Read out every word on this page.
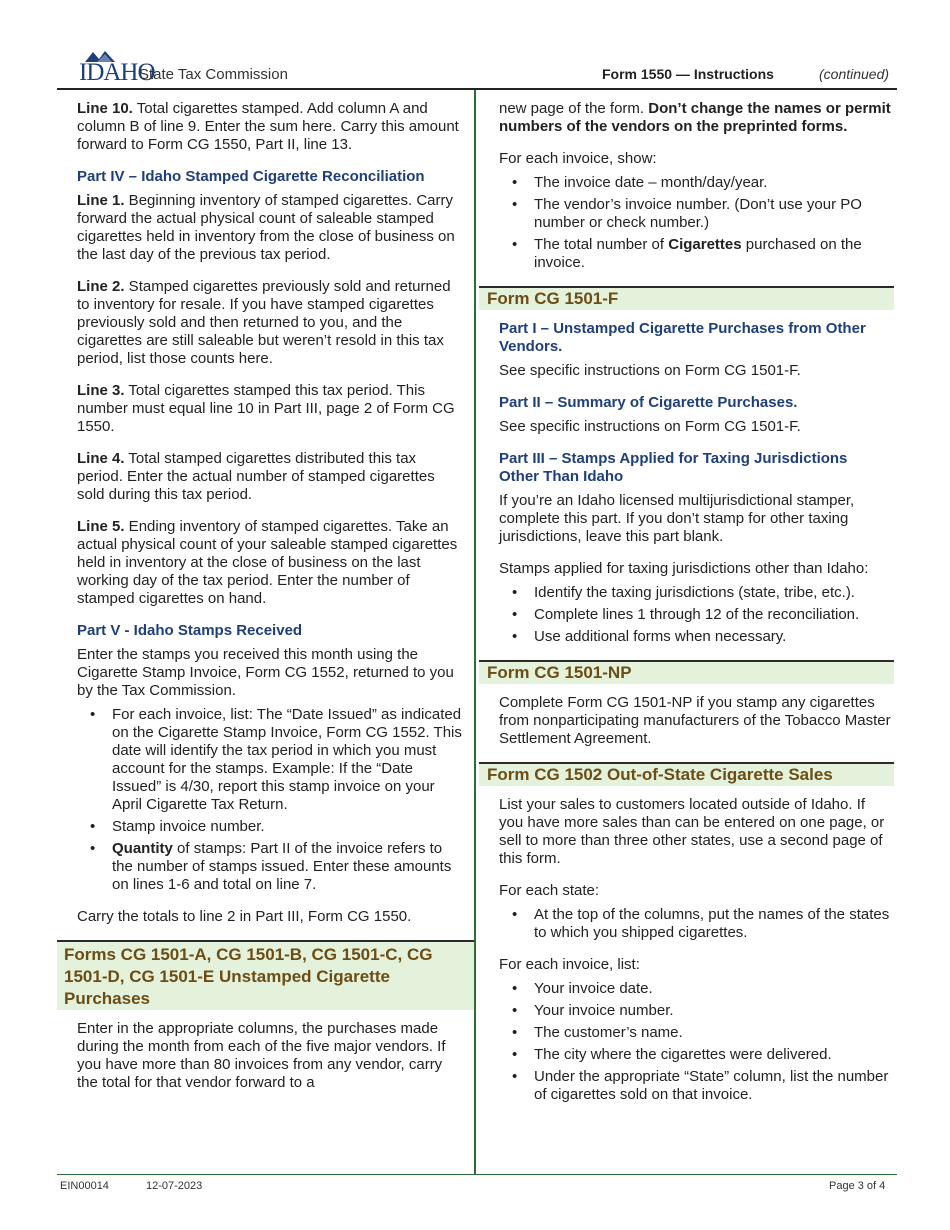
IDAHO
State Tax Commission	Form 1550 — Instructions	(continued)

Line 10. Total cigarettes stamped. Add column A and column B of line 9. Enter the sum here. Carry this amount forward to Form CG 1550, Part II, line 13.

Part IV – Idaho Stamped Cigarette Reconciliation

Line 1. Beginning inventory of stamped cigarettes. Carry forward the actual physical count of saleable stamped cigarettes held in inventory from the close of business on the last day of the previous tax period.

Line 2. Stamped cigarettes previously sold and returned to inventory for resale. If you have stamped cigarettes previously sold and then returned to you, and the cigarettes are still saleable but weren’t resold in this tax period, list those counts here.

Line 3. Total cigarettes stamped this tax period. This number must equal line 10 in Part III, page 2 of Form CG 1550.

Line 4. Total stamped cigarettes distributed this tax period. Enter the actual number of stamped cigarettes sold during this tax period.

Line 5. Ending inventory of stamped cigarettes. Take an actual physical count of your saleable stamped cigarettes held in inventory at the close of business on the last working day of the tax period. Enter the number of stamped cigarettes on hand.

Part V - Idaho Stamps Received

Enter the stamps you received this month using the Cigarette Stamp Invoice, Form CG 1552, returned to you by the Tax Commission.

• For each invoice, list: The “Date Issued” as indicated on the Cigarette Stamp Invoice, Form CG 1552. This date will identify the tax period in which you must account for the stamps. Example: If the “Date Issued” is 4/30, report this stamp invoice on your April Cigarette Tax Return.
• Stamp invoice number.
• Quantity of stamps: Part II of the invoice refers to the number of stamps issued. Enter these amounts on lines 1-6 and total on line 7.

Carry the totals to line 2 in Part III, Form CG 1550.

Forms CG 1501-A, CG 1501-B, CG 1501-C, CG 1501-D, CG 1501-E Unstamped Cigarette Purchases

Enter in the appropriate columns, the purchases made during the month from each of the five major vendors. If you have more than 80 invoices from any vendor, carry the total for that vendor forward to a

new page of the form. Don’t change the names or permit numbers of the vendors on the preprinted forms.

For each invoice, show:

• The invoice date – month/day/year.
• The vendor’s invoice number. (Don’t use your PO number or check number.)
• The total number of Cigarettes purchased on the invoice.
Form CG 1501-F
Part I – Unstamped Cigarette Purchases from Other Vendors.

See specific instructions on Form CG 1501-F.

Part II – Summary of Cigarette Purchases.

See specific instructions on Form CG 1501-F.

Part III – Stamps Applied for Taxing Jurisdictions Other Than Idaho

If you’re an Idaho licensed multijurisdictional stamper, complete this part. If you don’t stamp for other taxing jurisdictions, leave this part blank.

Stamps applied for taxing jurisdictions other than Idaho:

• Identify the taxing jurisdictions (state, tribe, etc.).
• Complete lines 1 through 12 of the reconciliation.
• Use additional forms when necessary.
Form CG 1501-NP

Complete Form CG 1501-NP if you stamp any cigarettes from nonparticipating manufacturers of the Tobacco Master Settlement Agreement.

Form CG 1502 Out-of-State Cigarette Sales

List your sales to customers located outside of Idaho. If you have more sales than can be entered on one page, or sell to more than three other states, use a second page of this form.

For each state:

• At the top of the columns, put the names of the states to which you shipped cigarettes.

For each invoice, list:

• Your invoice date.
• Your invoice number.
• The customer’s name.
• The city where the cigarettes were delivered.
• Under the appropriate “State” column, list the number of cigarettes sold on that invoice.
EIN00014	12-07-2023	Page 3 of 4
